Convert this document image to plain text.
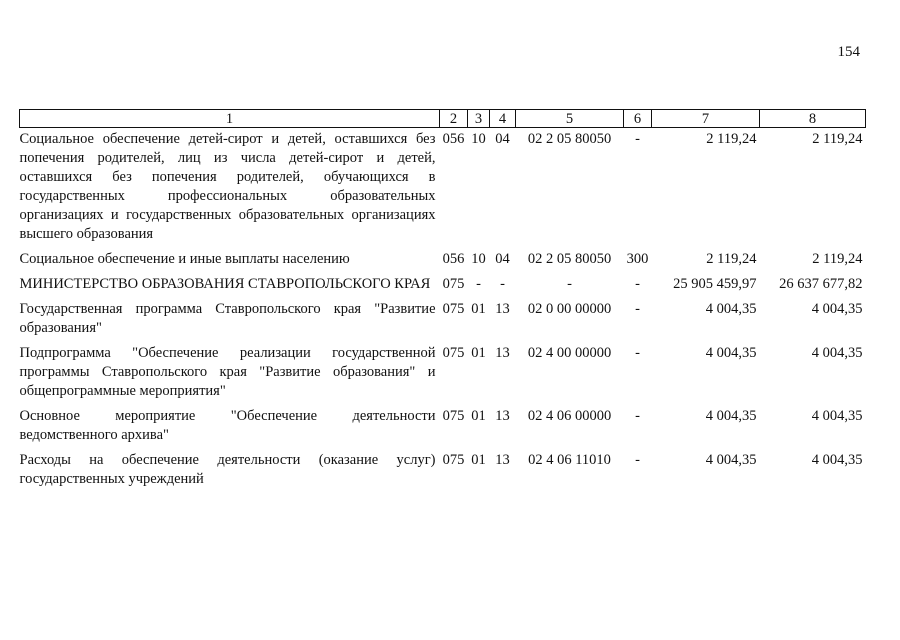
154
1	2	3	4	5	6	7	8
Социальное обеспечение детей-сирот и детей, оставшихся без попечения родителей, лиц из числа детей-сирот и детей, оставшихся без попечения родителей, обучающихся в государственных профессиональных образовательных организациях и государственных образовательных организациях высшего образования	056	10	04	02 2 05 80050	-	2 119,24	2 119,24
Социальное обеспечение и иные выплаты населению	056	10	04	02 2 05 80050	300	2 119,24	2 119,24
МИНИСТЕРСТВО ОБРАЗОВАНИЯ СТАВРОПОЛЬСКОГО КРАЯ	075	-	-	-	-	25 905 459,97	26 637 677,82
Государственная программа Ставропольского края "Развитие образования"	075	01	13	02 0 00 00000	-	4 004,35	4 004,35
Подпрограмма "Обеспечение реализации государственной программы Ставропольского края "Развитие образования" и общепрограммные мероприятия"	075	01	13	02 4 00 00000	-	4 004,35	4 004,35
Основное мероприятие "Обеспечение деятельности ведомственного архива"	075	01	13	02 4 06 00000	-	4 004,35	4 004,35
Расходы на обеспечение деятельности (оказание услуг) государственных учреждений	075	01	13	02 4 06 11010	-	4 004,35	4 004,35
